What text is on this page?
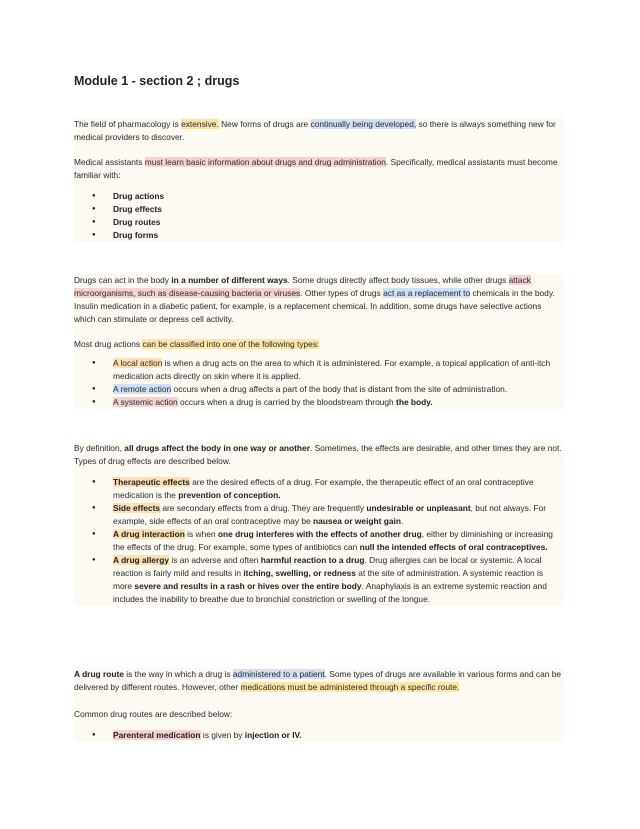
Module 1 - section 2 ; drugs

The field of pharmacology is extensive. New forms of drugs are continually being developed, so there is always something new for medical providers to discover.

Medical assistants must learn basic information about drugs and drug administration. Specifically, medical assistants must become familiar with:

● Drug actions
● Drug effects
● Drug routes
● Drug forms

Drugs can act in the body in a number of different ways. Some drugs directly affect body tissues, while other drugs attack microorganisms, such as disease-causing bacteria or viruses. Other types of drugs act as a replacement to chemicals in the body. Insulin medication in a diabetic patient, for example, is a replacement chemical. In addition, some drugs have selective actions which can stimulate or depress cell activity.

Most drug actions can be classified into one of the following types:

● A local action is when a drug acts on the area to which it is administered. For example, a topical application of anti-itch medication acts directly on skin where it is applied.
● A remote action occurs when a drug affects a part of the body that is distant from the site of administration.
● A systemic action occurs when a drug is carried by the bloodstream through the body.

By definition, all drugs affect the body in one way or another. Sometimes, the effects are desirable, and other times they are not. Types of drug effects are described below.

● Therapeutic effects are the desired effects of a drug. For example, the therapeutic effect of an oral contraceptive medication is the prevention of conception.
● Side effects are secondary effects from a drug. They are frequently undesirable or unpleasant, but not always. For example, side effects of an oral contraceptive may be nausea or weight gain.
● A drug interaction is when one drug interferes with the effects of another drug, either by diminishing or increasing the effects of the drug. For example, some types of antibiotics can null the intended effects of oral contraceptives.
● A drug allergy is an adverse and often harmful reaction to a drug. Drug allergies can be local or systemic. A local reaction is fairly mild and results in itching, swelling, or redness at the site of administration. A systemic reaction is more severe and results in a rash or hives over the entire body. Anaphylaxis is an extreme systemic reaction and includes the inability to breathe due to bronchial constriction or swelling of the tongue.

A drug route is the way in which a drug is administered to a patient. Some types of drugs are available in various forms and can be delivered by different routes. However, other medications must be administered through a specific route.

Common drug routes are described below:

● Parenteral medication is given by injection or IV.
